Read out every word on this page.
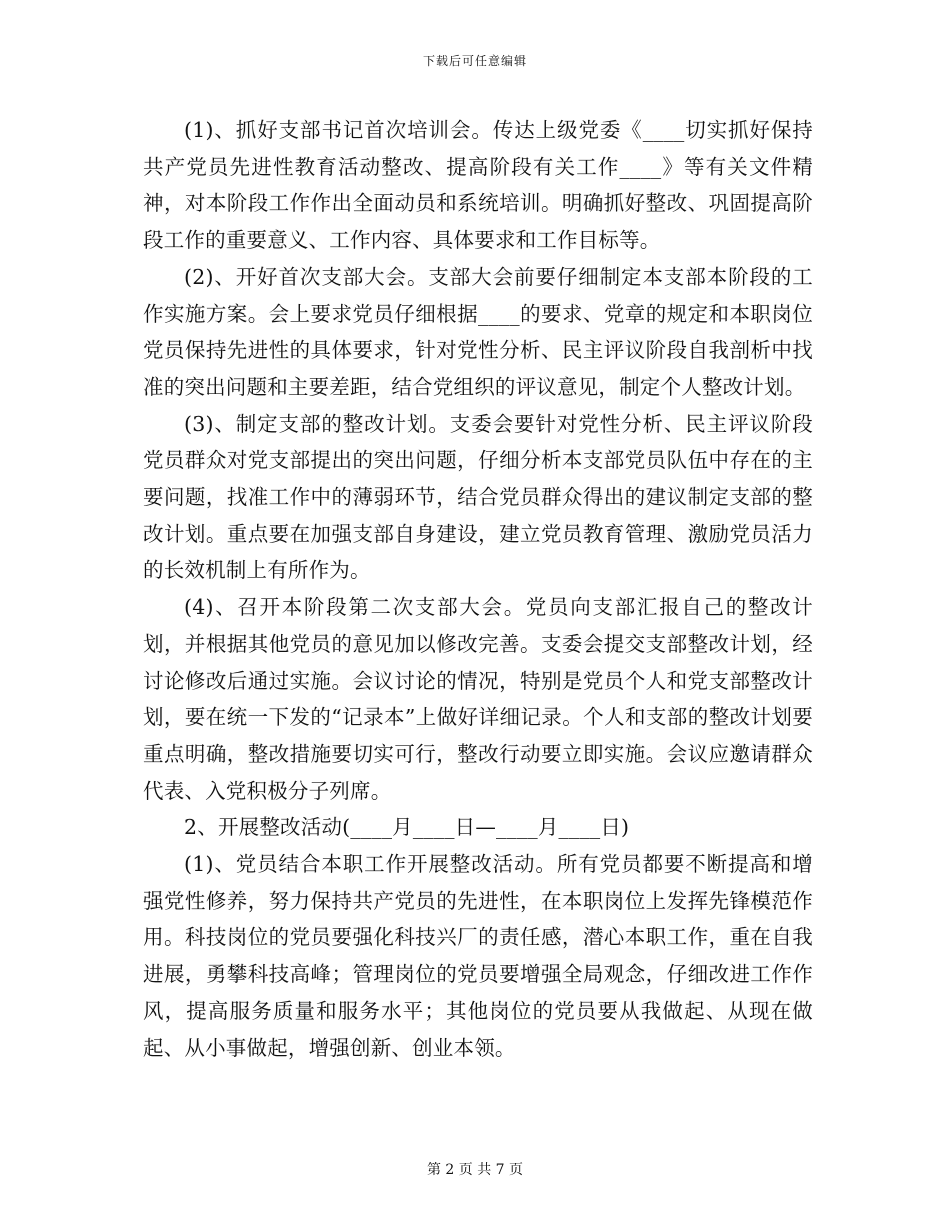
下载后可任意编辑

(1)、抓好支部书记首次培训会。传达上级党委《____切实抓好保持共产党员先进性教育活动整改、提高阶段有关工作____》等有关文件精神，对本阶段工作作出全面动员和系统培训。明确抓好整改、巩固提高阶段工作的重要意义、工作内容、具体要求和工作目标等。

(2)、开好首次支部大会。支部大会前要仔细制定本支部本阶段的工作实施方案。会上要求党员仔细根据____的要求、党章的规定和本职岗位党员保持先进性的具体要求，针对党性分析、民主评议阶段自我剖析中找准的突出问题和主要差距，结合党组织的评议意见，制定个人整改计划。

(3)、制定支部的整改计划。支委会要针对党性分析、民主评议阶段党员群众对党支部提出的突出问题，仔细分析本支部党员队伍中存在的主要问题，找准工作中的薄弱环节，结合党员群众得出的建议制定支部的整改计划。重点要在加强支部自身建设，建立党员教育管理、激励党员活力的长效机制上有所作为。

(4)、召开本阶段第二次支部大会。党员向支部汇报自己的整改计划，并根据其他党员的意见加以修改完善。支委会提交支部整改计划，经讨论修改后通过实施。会议讨论的情况，特别是党员个人和党支部整改计划，要在统一下发的“记录本”上做好详细记录。个人和支部的整改计划要重点明确，整改措施要切实可行，整改行动要立即实施。会议应邀请群众代表、入党积极分子列席。

2、开展整改活动(____月____日—____月____日)

(1)、党员结合本职工作开展整改活动。所有党员都要不断提高和增强党性修养，努力保持共产党员的先进性，在本职岗位上发挥先锋模范作用。科技岗位的党员要强化科技兴厂的责任感，潜心本职工作，重在自我进展，勇攀科技高峰；管理岗位的党员要增强全局观念，仔细改进工作作风，提高服务质量和服务水平；其他岗位的党员要从我做起、从现在做起、从小事做起，增强创新、创业本领。

第 2 页 共 7 页
